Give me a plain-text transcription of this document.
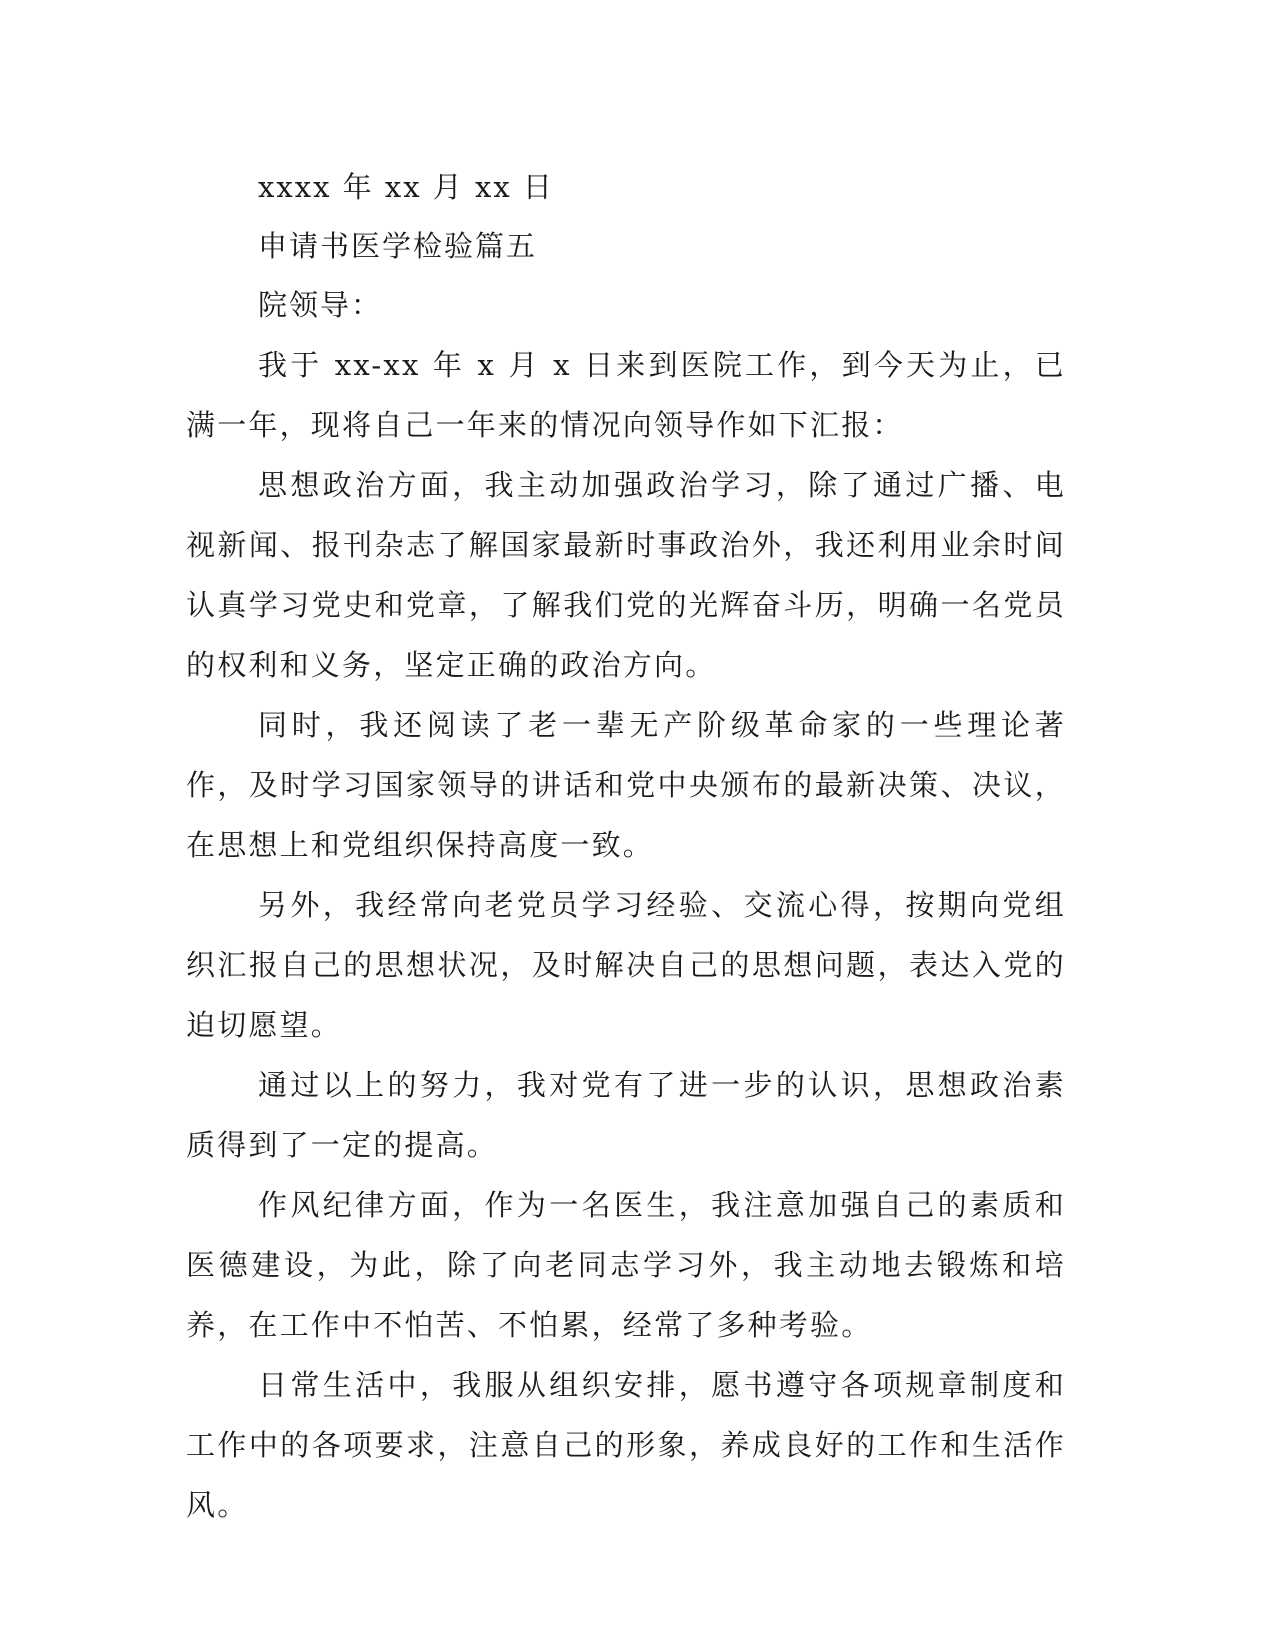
xxxx 年 xx 月 xx 日

申请书医学检验篇五

院领导：

我于 xx-xx 年 x 月 x 日来到医院工作，到今天为止，已满一年，现将自己一年来的情况向领导作如下汇报：

思想政治方面，我主动加强政治学习，除了通过广播、电视新闻、报刊杂志了解国家最新时事政治外，我还利用业余时间认真学习党史和党章，了解我们党的光辉奋斗历，明确一名党员的权利和义务，坚定正确的政治方向。

同时，我还阅读了老一辈无产阶级革命家的一些理论著作，及时学习国家领导的讲话和党中央颁布的最新决策、决议，在思想上和党组织保持高度一致。

另外，我经常向老党员学习经验、交流心得，按期向党组织汇报自己的思想状况，及时解决自己的思想问题，表达入党的迫切愿望。

通过以上的努力，我对党有了进一步的认识，思想政治素质得到了一定的提高。

作风纪律方面，作为一名医生，我注意加强自己的素质和医德建设，为此，除了向老同志学习外，我主动地去锻炼和培养，在工作中不怕苦、不怕累，经常了多种考验。

日常生活中，我服从组织安排，愿书遵守各项规章制度和工作中的各项要求，注意自己的形象，养成良好的工作和生活作风。
